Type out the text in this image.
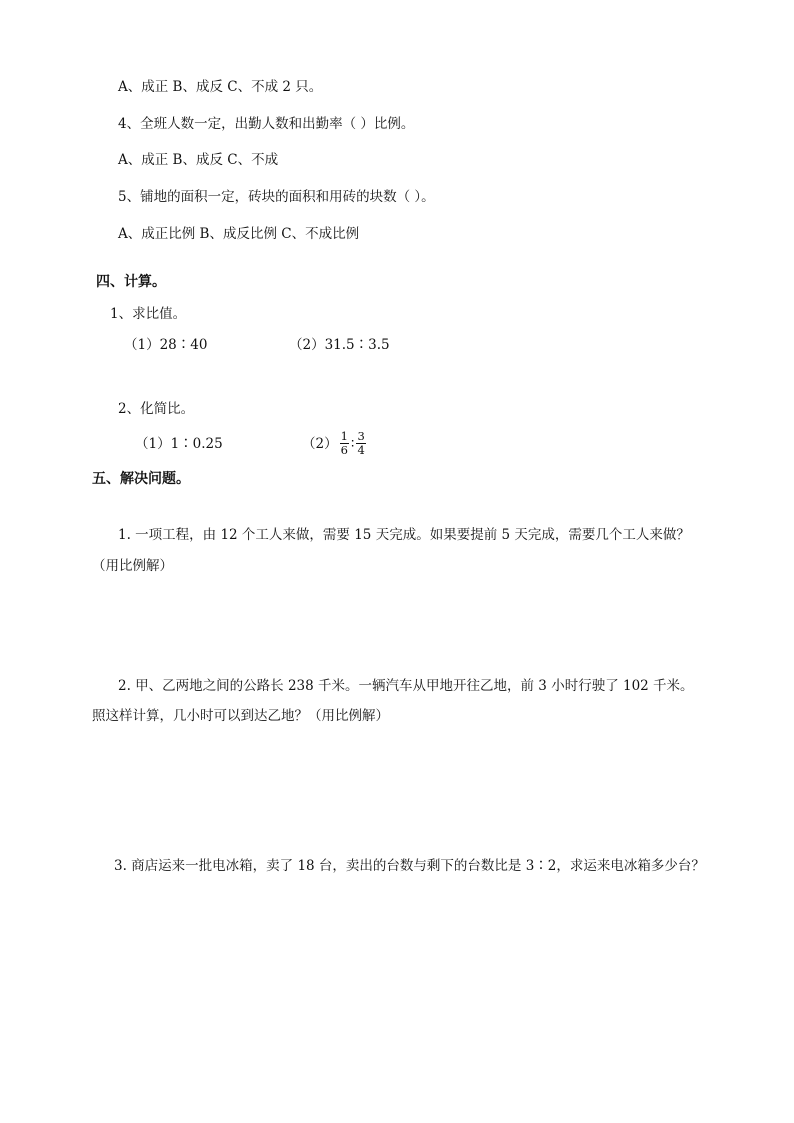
A、成正 B、成反 C、不成 2 只。
4、全班人数一定，出勤人数和出勤率（ ）比例。
A、成正 B、成反 C、不成
5、铺地的面积一定，砖块的面积和用砖的块数（ ）。
A、成正比例 B、成反比例 C、不成比例
四、计算。
1、求比值。
（1）28∶40	（2）31.5∶3.5
2、化简比。
（1）1∶0.25	$(2) \frac{1}{6}$ ∶ $\frac{3}{4}$
五、解决问题。
1. 一项工程，由 12 个工人来做，需要 15 天完成。如果要提前 5 天完成，需要几个工人来做？
（用比例解）
2. 甲、乙两地之间的公路长 238 千米。一辆汽车从甲地开往乙地，前 3 小时行驶了 102 千米。
照这样计算，几小时可以到达乙地？（用比例解）
3. 商店运来一批电冰箱，卖了 18 台，卖出的台数与剩下的台数比是 3∶2，求运来电冰箱多少台？
